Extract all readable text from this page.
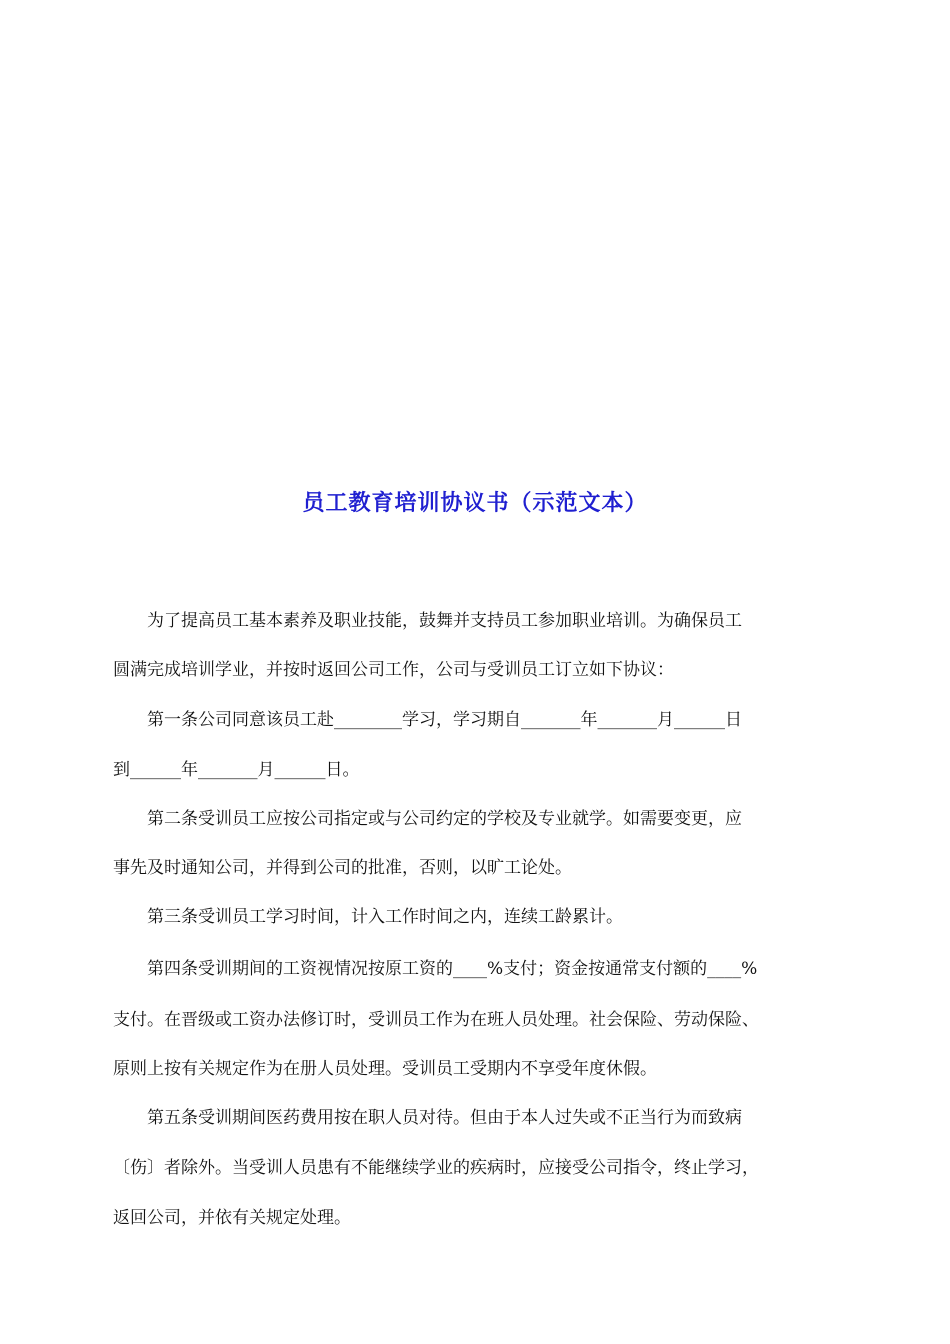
员工教育培训协议书（示范文本）
　　为了提高员工基本素养及职业技能，鼓舞并支持员工参加职业培训。为确保员工
圆满完成培训学业，并按时返回公司工作，公司与受训员工订立如下协议：
　　第一条公司同意该员工赴________学习，学习期自_______年_______月______日
到______年_______月______日。
　　第二条受训员工应按公司指定或与公司约定的学校及专业就学。如需要变更，应
事先及时通知公司，并得到公司的批准，否则，以旷工论处。
　　第三条受训员工学习时间，计入工作时间之内，连续工龄累计。
　　第四条受训期间的工资视情况按原工资的____%支付；资金按通常支付额的____%
支付。在晋级或工资办法修订时，受训员工作为在班人员处理。社会保险、劳动保险、
原则上按有关规定作为在册人员处理。受训员工受期内不享受年度休假。
　　第五条受训期间医药费用按在职人员对待。但由于本人过失或不正当行为而致病
〔伤〕者除外。当受训人员患有不能继续学业的疾病时，应接受公司指令，终止学习，
返回公司，并依有关规定处理。
